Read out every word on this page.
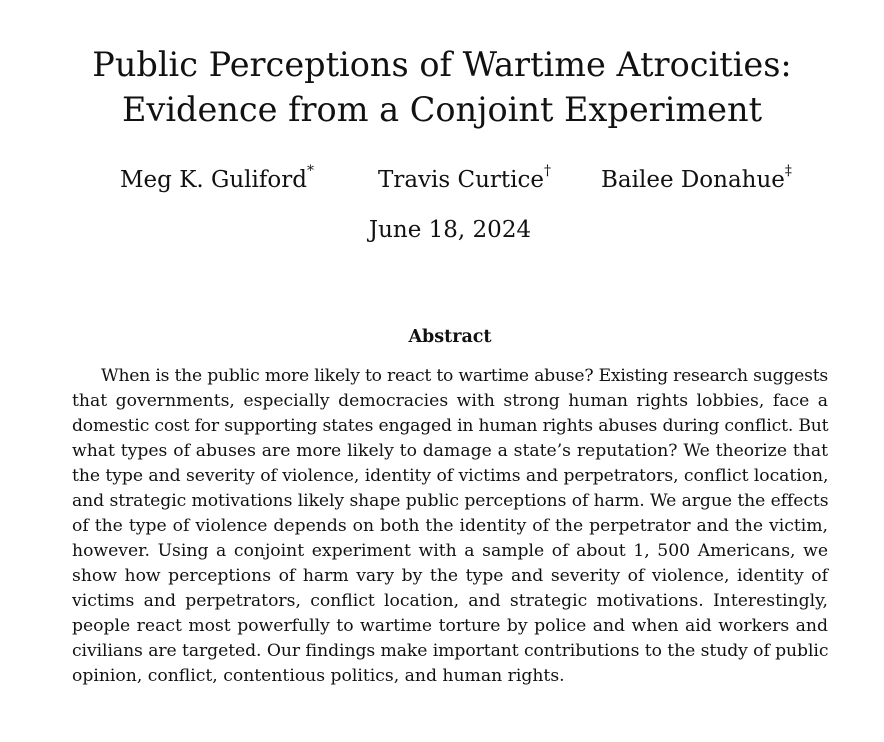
Public Perceptions of Wartime Atrocities: Evidence from a Conjoint Experiment
Meg K. Guliford*	Travis Curtice† Bailee Donahue‡
June 18, 2024
Abstract
When is the public more likely to react to wartime abuse? Existing research suggests
that governments, especially democracies with strong human rights lobbies, face a
domestic cost for supporting states engaged in human rights abuses during conflict. But
what types of abuses are more likely to damage a state’s reputation? We theorize that
the type and severity of violence, identity of victims and perpetrators, conflict location,
and strategic motivations likely shape public perceptions of harm. We argue the effects
of the type of violence depends on both the identity of the perpetrator and the victim,
however. Using a conjoint experiment with a sample of about 1, 500 Americans, we
show how perceptions of harm vary by the type and severity of violence, identity of
victims and perpetrators, conflict location, and strategic motivations. Interestingly,
people react most powerfully to wartime torture by police and when aid workers and
civilians are targeted. Our findings make important contributions to the study of public
opinion, conflict, contentious politics, and human rights.
